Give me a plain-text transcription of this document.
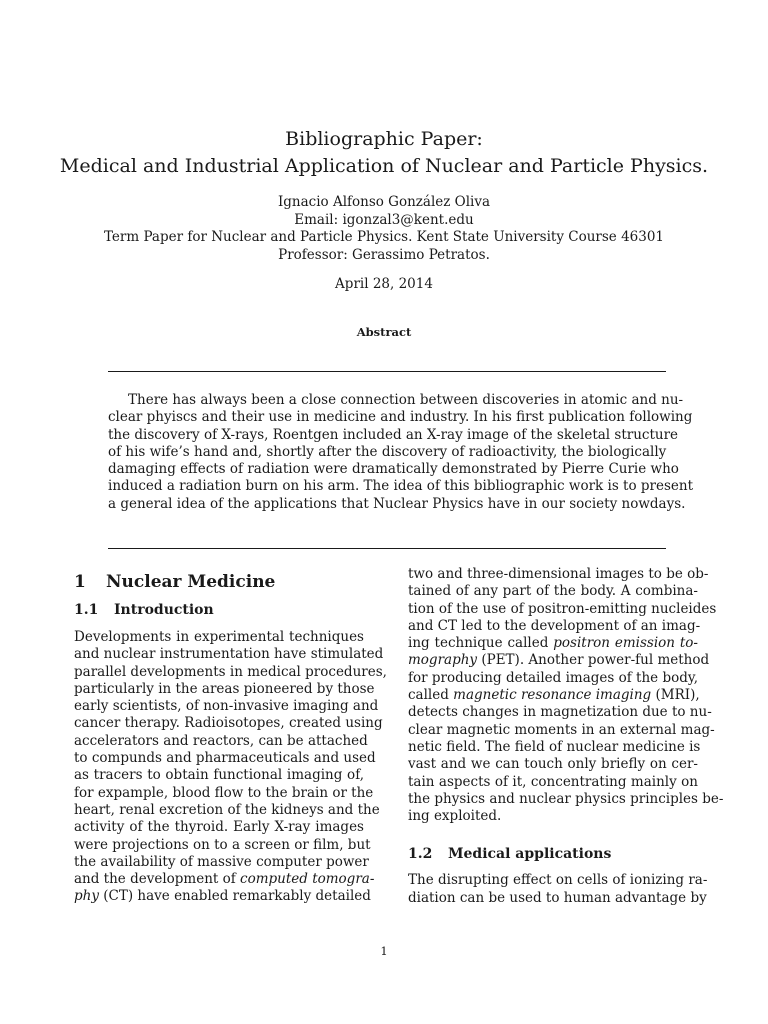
Bibliographic Paper:
Medical and Industrial Application of Nuclear and Particle Physics.
Ignacio Alfonso González Oliva
Email: igonzal3@kent.edu
Term Paper for Nuclear and Particle Physics. Kent State University Course 46301
Professor: Gerassimo Petratos.
April 28, 2014
Abstract
There has always been a close connection between discoveries in atomic and nu-
clear phyiscs and their use in medicine and industry. In his first publication following
the discovery of X-rays, Roentgen included an X-ray image of the skeletal structure
of his wife’s hand and, shortly after the discovery of radioactivity, the biologically
damaging effects of radiation were dramatically demonstrated by Pierre Curie who
induced a radiation burn on his arm. The idea of this bibliographic work is to present
a general idea of the applications that Nuclear Physics have in our society nowdays.
1 Nuclear Medicine
1.1 Introduction
Developments in experimental techniques
and nuclear instrumentation have stimulated
parallel developments in medical procedures,
particularly in the areas pioneered by those
early scientists, of non-invasive imaging and
cancer therapy. Radioisotopes, created using
accelerators and reactors, can be attached
to compunds and pharmaceuticals and used
as tracers to obtain functional imaging of,
for expample, blood flow to the brain or the
heart, renal excretion of the kidneys and the
activity of the thyroid. Early X-ray images
were projections on to a screen or film, but
the availability of massive computer power
and the development of computed tomogra-
phy (CT) have enabled remarkably detailed
two and three-dimensional images to be ob-
tained of any part of the body. A combina-
tion of the use of positron-emitting nucleides
and CT led to the development of an imag-
ing technique called positron emission to-
mography (PET). Another power-ful method
for producing detailed images of the body,
called magnetic resonance imaging (MRI),
detects changes in magnetization due to nu-
clear magnetic moments in an external mag-
netic field. The field of nuclear medicine is
vast and we can touch only briefly on cer-
tain aspects of it, concentrating mainly on
the physics and nuclear physics principles be-
ing exploited.
1.2 Medical applications
The disrupting effect on cells of ionizing ra-
diation can be used to human advantage by
1
